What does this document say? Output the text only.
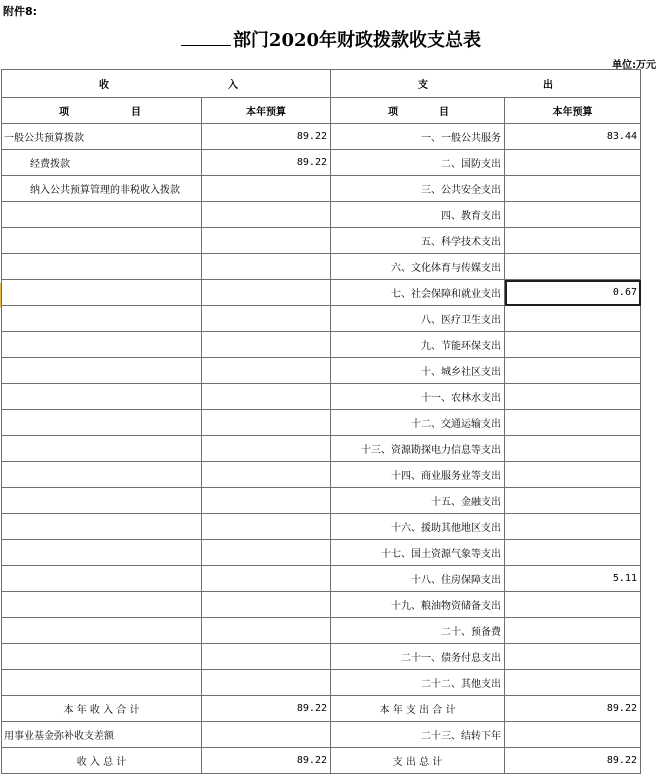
附件8:
部门2020年财政拨款收支总表
单位:万元
收 入		支 出	

项 目	本年预算	项 目	本年预算
一般公共预算拨款	89.22	一、一般公共服务	83.44
经费拨款	89.22	二、国防支出	
纳入公共预算管理的非税收入拨款		三、公共安全支出	
		四、教育支出	
		五、科学技术支出	
		六、文化体育与传媒支出	
		七、社会保障和就业支出	0.67
		八、医疗卫生支出	
		九、节能环保支出	
		十、城乡社区支出	
		十一、农林水支出	
		十二、交通运输支出	
		十三、资源勘探电力信息等支出	
		十四、商业服务业等支出	
		十五、金融支出	
		十六、援助其他地区支出	
		十七、国土资源气象等支出	
		十八、住房保障支出	5.11
		十九、粮油物资储备支出	
		二十、预备费	
		二十一、债务付息支出	
		二十二、其他支出	
本 年 收 入 合 计	89.22	本 年 支 出 合 计	89.22
用事业基金弥补收支差额		二十三、结转下年	
收 入 总 计	89.22	支 出 总 计	89.22
